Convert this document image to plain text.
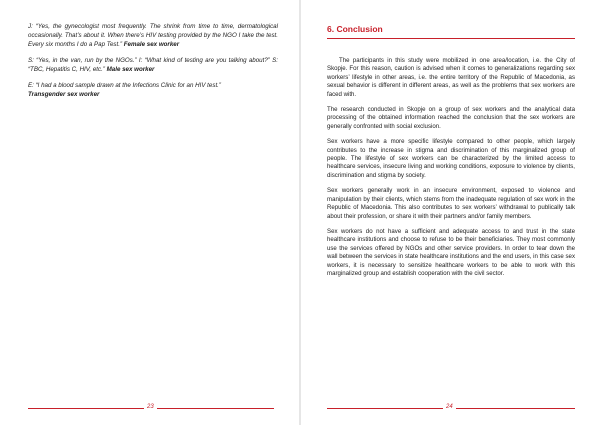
J: “Yes, the gynecologist most frequently. The shrink from time to time, dermatological occasionally. That’s about it. When there’s HIV testing provided by the NGO I take the test. Every six months I do a Pap Test.” Female sex worker

S: “Yes, in the van, run by the NGOs.” I: “What kind of testing are you talking about?” S: “TBC, Hepatitis C, HIV, etc.” Male sex worker

E: “I had a blood sample drawn at the Infections Clinic for an HIV test.”
Transgender sex worker

6. Conclusion

The participants in this study were mobilized in one area/location, i.e. the City of Skopje. For this reason, caution is advised when it comes to generalizations regarding sex workers’ lifestyle in other areas, i.e. the entire territory of the Republic of Macedonia, as sexual behavior is different in different areas, as well as the problems that sex workers are faced with.

The research conducted in Skopje on a group of sex workers and the analytical data processing of the obtained information reached the conclusion that the sex workers are generally confronted with social exclusion.

Sex workers have a more specific lifestyle compared to other people, which largely contributes to the increase in stigma and discrimination of this marginalized group of people. The lifestyle of sex workers can be characterized by the limited access to healthcare services, insecure living and working conditions, exposure to violence by clients, discrimination and stigma by society.

Sex workers generally work in an insecure environment, exposed to violence and manipulation by their clients, which stems from the inadequate regulation of sex work in the Republic of Macedonia. This also contributes to sex workers’ withdrawal to publically talk about their profession, or share it with their partners and/or family members.

Sex workers do not have a sufficient and adequate access to and trust in the state healthcare institutions and choose to refuse to be their beneficiaries. They most commonly use the services offered by NGOs and other service providers. In order to tear down the wall between the services in state healthcare institutions and the end users, in this case sex workers, it is necessary to sensitize healthcare workers to be able to work with this marginalized group and establish cooperation with the civil sector.

23	24
